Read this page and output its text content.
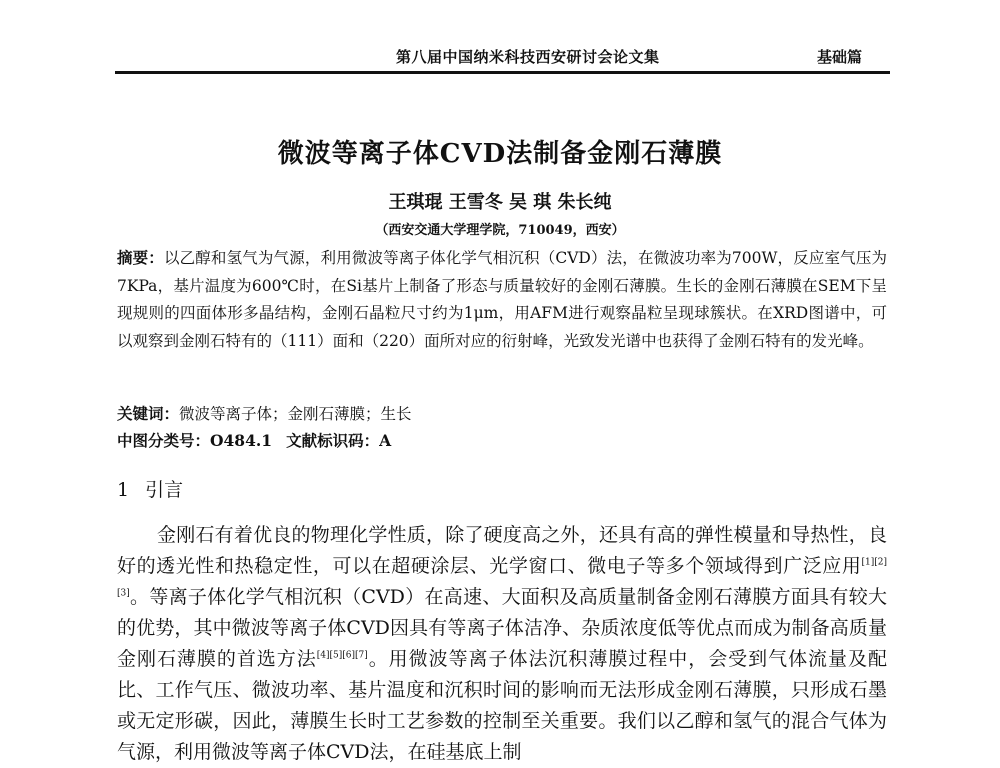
第八届中国纳米科技西安研讨会论文集	基础篇
微波等离子体CVD法制备金刚石薄膜
王琪琨 王雪冬 吴 琪 朱长纯
（西安交通大学理学院，710049，西安）
摘要：以乙醇和氢气为气源，利用微波等离子体化学气相沉积（CVD）法，在微波功率为700W，反应室气压为7KPa，基片温度为600℃时，在Si基片上制备了形态与质量较好的金刚石薄膜。生长的金刚石薄膜在SEM下呈现规则的四面体形多晶结构，金刚石晶粒尺寸约为1μm，用AFM进行观察晶粒呈现球簇状。在XRD图谱中，可以观察到金刚石特有的（111）面和（220）面所对应的衍射峰，光致发光谱中也获得了金刚石特有的发光峰。
关键词：微波等离子体；金刚石薄膜；生长
中图分类号：O484.1 文献标识码：A
1 引言
金刚石有着优良的物理化学性质，除了硬度高之外，还具有高的弹性模量和导热性，良好的透光性和热稳定性，可以在超硬涂层、光学窗口、微电子等多个领域得到广泛应用[1][2][3]。等离子体化学气相沉积（CVD）在高速、大面积及高质量制备金刚石薄膜方面具有较大的优势，其中微波等离子体CVD因具有等离子体洁净、杂质浓度低等优点而成为制备高质量金刚石薄膜的首选方法[4][5][6][7]。用微波等离子体法沉积薄膜过程中，会受到气体流量及配比、工作气压、微波功率、基片温度和沉积时间的影响而无法形成金刚石薄膜，只形成石墨或无定形碳，因此，薄膜生长时工艺参数的控制至关重要。我们以乙醇和氢气的混合气体为气源，利用微波等离子体CVD法，在硅基底上制
